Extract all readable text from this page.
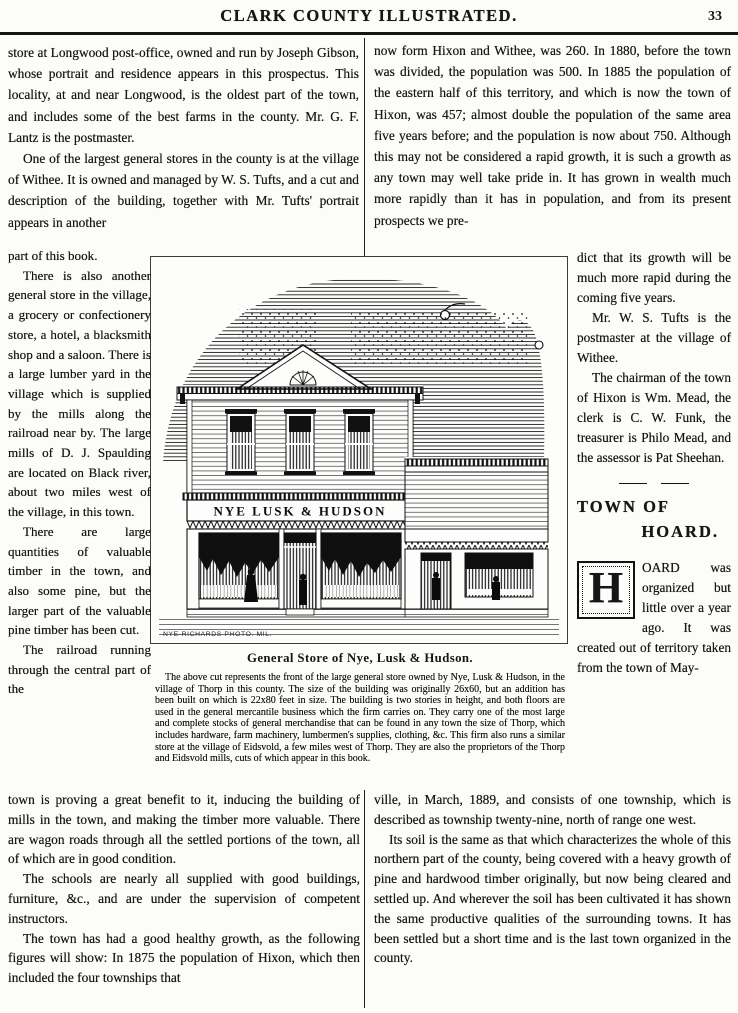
CLARK COUNTY ILLUSTRATED.	33

store at Longwood post-office, owned and run by Joseph Gibson, whose portrait and residence appears in this prospectus. This locality, at and near Longwood, is the oldest part of the town, and includes some of the best farms in the county. Mr. G. F. Lantz is the postmaster.

One of the largest general stores in the county is at the village of Withee. It is owned and managed by W. S. Tufts, and a cut and description of the building, together with Mr. Tufts' portrait appears in another

part of this book.

There is also another general store in the village, a grocery or confectionery store, a hotel, a blacksmith shop and a saloon. There is a large lumber yard in the village which is supplied by the mills along the railroad near by. The large mills of D. J. Spaulding are located on Black river, about two miles west of the village, in this town.

There are large quantities of valuable timber in the town, and also some pine, but the larger part of the valuable pine timber has been cut.

The railroad running through the central part of the

town is proving a great benefit to it, inducing the building of mills in the town, and making the timber more valuable. There are wagon roads through all the settled portions of the town, all of which are in good condition.

The schools are nearly all supplied with good buildings, furniture, &c., and are under the supervision of competent instructors.

The town has had a good healthy growth, as the following figures will show: In 1875 the population of Hixon, which then included the four townships that

now form Hixon and Withee, was 260. In 1880, before the town was divided, the population was 500. In 1885 the population of the eastern half of this territory, and which is now the town of Hixon, was 457; almost double the population of the same area five years before; and the population is now about 750. Although this may not be considered a rapid growth, it is such a growth as any town may well take pride in. It has grown in wealth much more rapidly than it has in population, and from its present prospects we pre-

dict that its growth will be much more rapid during the coming five years.

Mr. W. S. Tufts is the postmaster at the village of Withee.

The chairman of the town of Hixon is Wm. Mead, the clerk is C. W. Funk, the treasurer is Philo Mead, and the assessor is Pat Sheehan.

TOWN OF
HOARD.

H	OARD was organized but little over a year ago. It was created out of territory taken from the town of May-

ville, in March, 1889, and consists of one township, which is described as township twenty-nine, north of range one west.

Its soil is the same as that which characterizes the whole of this northern part of the county, being covered with a heavy growth of pine and hardwood timber originally, but now being cleared and settled up. And wherever the soil has been cultivated it has shown the same productive qualities of the surrounding towns. It has been settled but a short time and is the last town organized in the county.

NYE LUSK & HUDSON
NYE-RICHARDS PHOTO. MIL.
General Store of Nye, Lusk & Hudson.

The above cut represents the front of the large general store owned by Nye, Lusk & Hudson, in the village of Thorp in this county. The size of the building was originally 26x60, but an addition has been built on which is 22x80 feet in size. The building is two stories in height, and both floors are used in the general mercantile business which the firm carries on. They carry one of the most large and complete stocks of general merchandise that can be found in any town the size of Thorp, which includes hardware, farm machinery, lumbermen's supplies, clothing, &c. This firm also runs a similar store at the village of Eidsvold, a few miles west of Thorp. They are also the proprietors of the Thorp and Eidsvold mills, cuts of which appear in this book.
